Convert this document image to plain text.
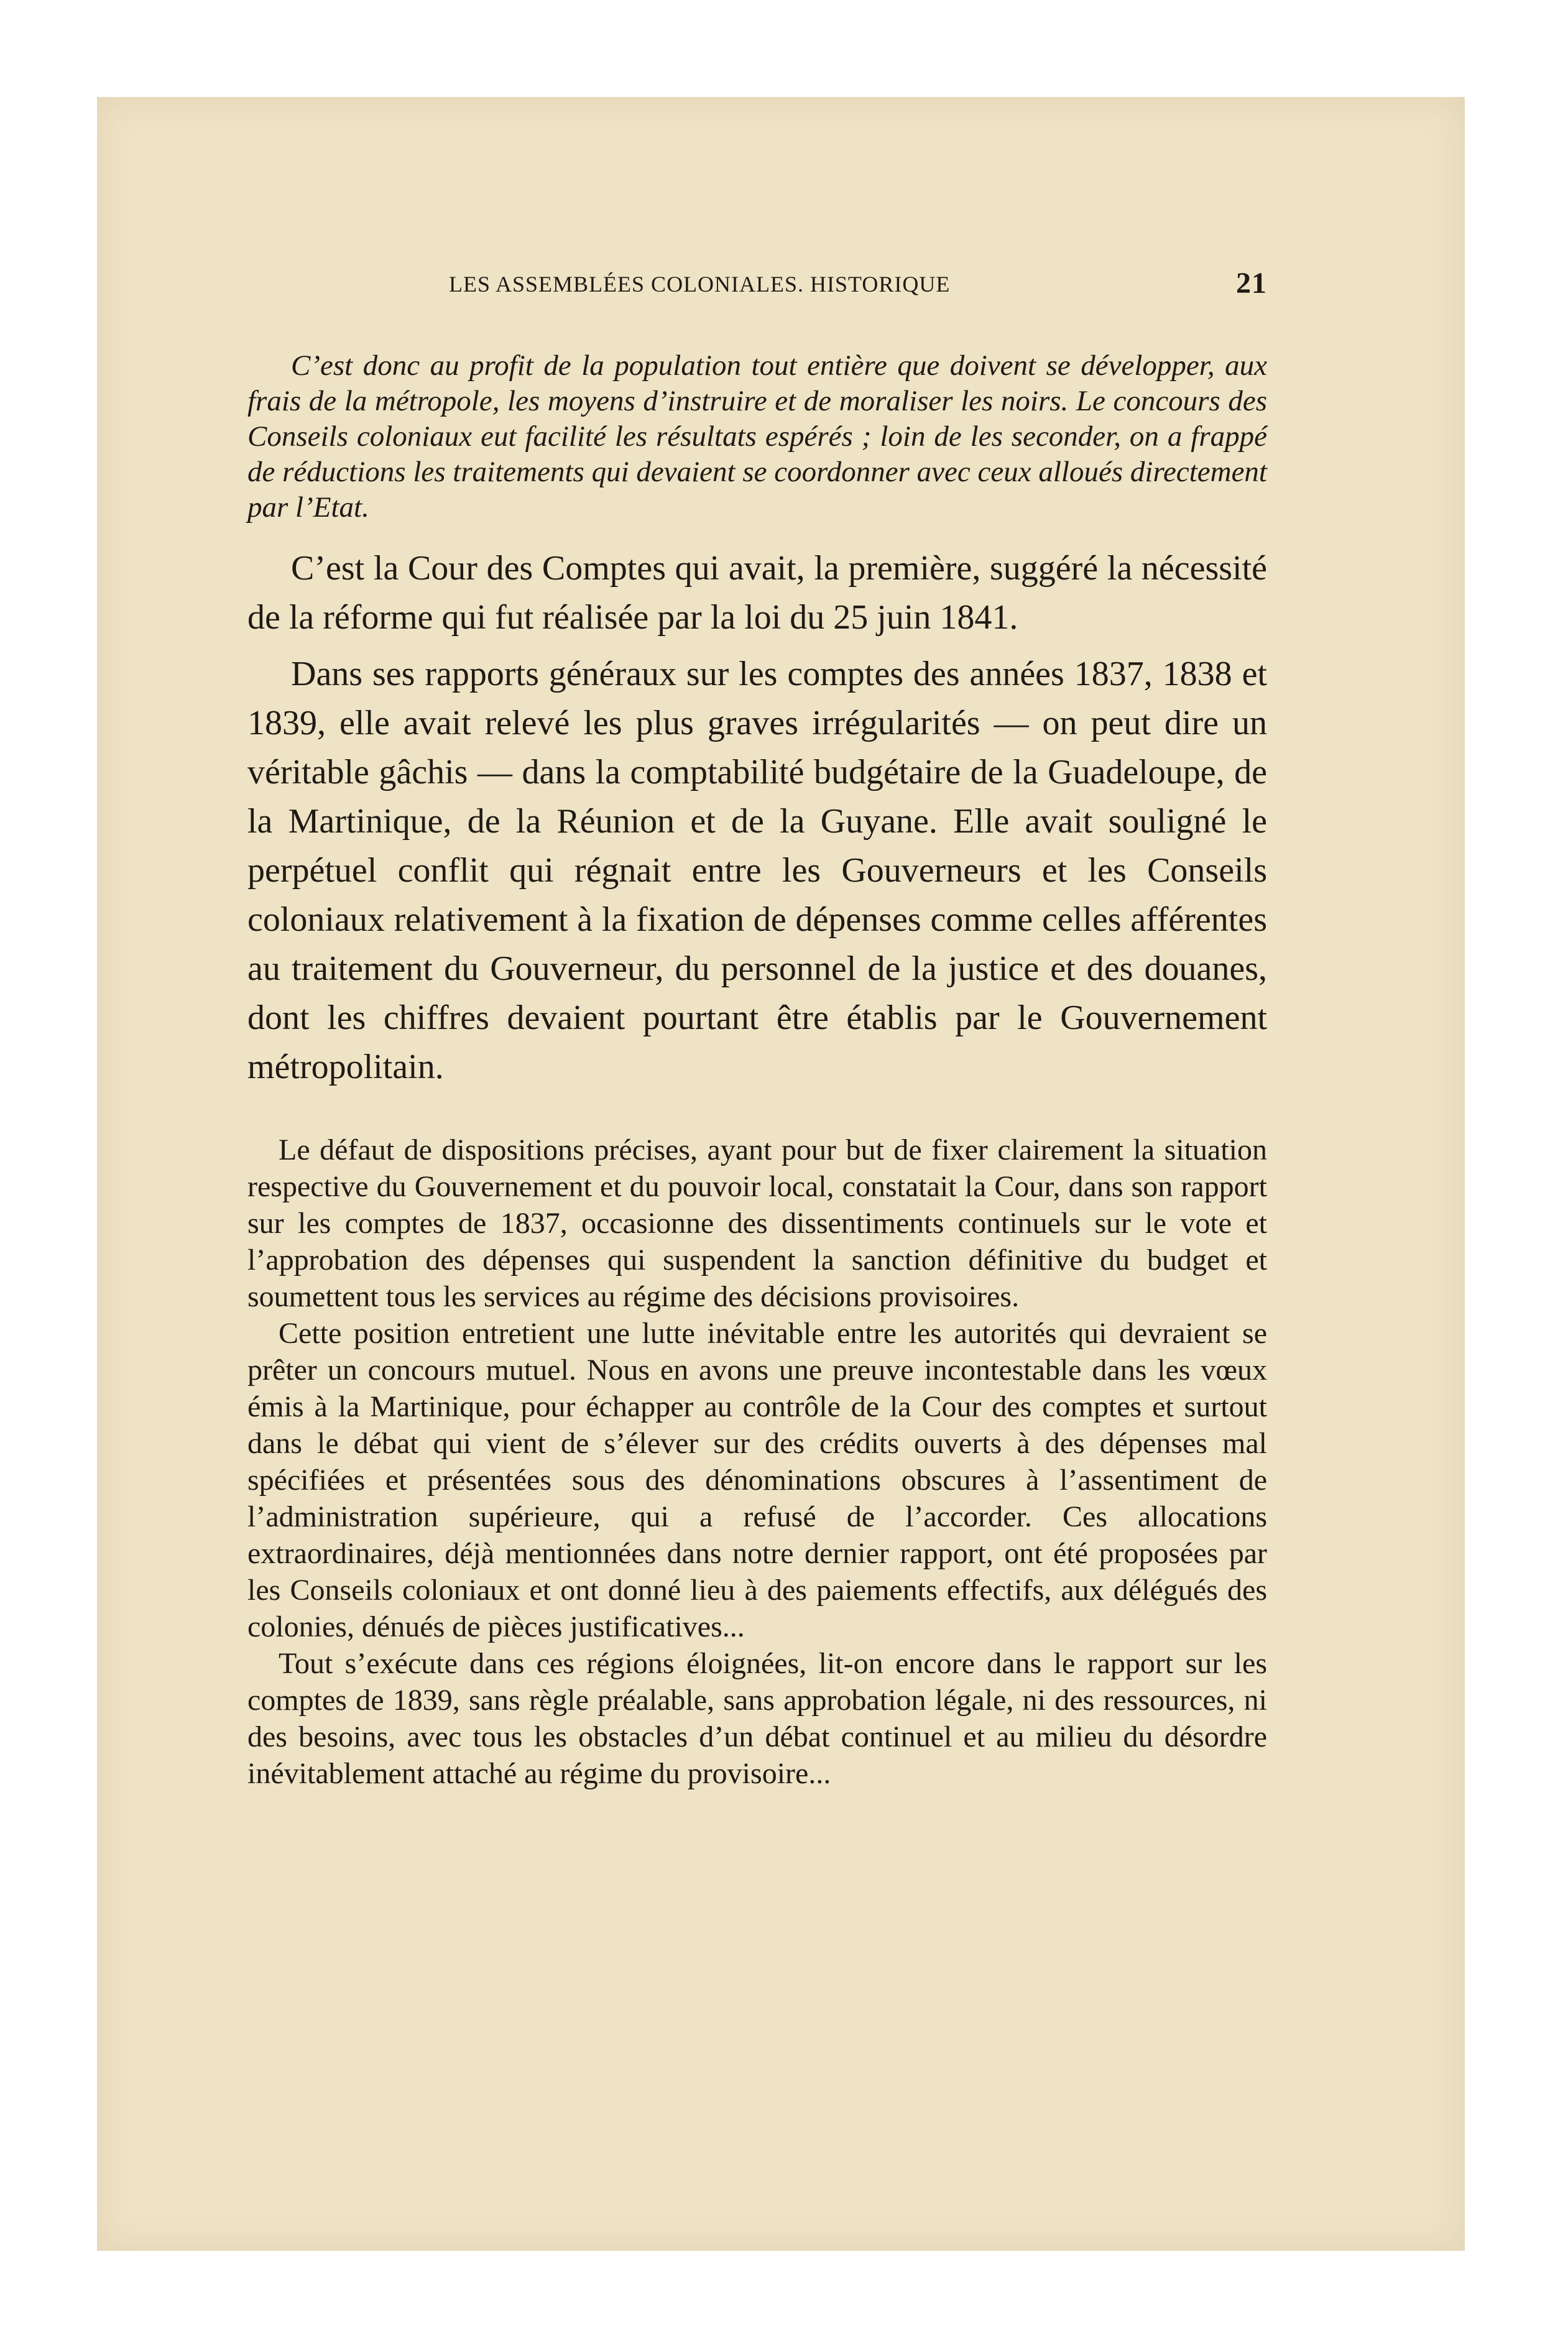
LES ASSEMBLÉES COLONIALES. HISTORIQUE	21

C’est donc au profit de la population tout entière que doivent se développer, aux frais de la métropole, les moyens d’instruire et de moraliser les noirs. Le concours des Conseils coloniaux eut facilité les résultats espérés ; loin de les seconder, on a frappé de réductions les traitements qui devaient se coordonner avec ceux alloués directement par l’Etat.

C’est la Cour des Comptes qui avait, la première, suggéré la nécessité de la réforme qui fut réalisée par la loi du 25 juin 1841.

Dans ses rapports généraux sur les comptes des années 1837, 1838 et 1839, elle avait relevé les plus graves irrégularités — on peut dire un véritable gâchis — dans la comptabilité budgétaire de la Guadeloupe, de la Martinique, de la Réunion et de la Guyane. Elle avait souligné le perpétuel conflit qui régnait entre les Gouverneurs et les Conseils coloniaux relativement à la fixation de dépenses comme celles afférentes au traitement du Gouverneur, du personnel de la justice et des douanes, dont les chiffres devaient pourtant être établis par le Gouvernement métropolitain.

Le défaut de dispositions précises, ayant pour but de fixer clairement la situation respective du Gouvernement et du pouvoir local, constatait la Cour, dans son rapport sur les comptes de 1837, occasionne des dissentiments continuels sur le vote et l’approbation des dépenses qui suspendent la sanction définitive du budget et soumettent tous les services au régime des décisions provisoires.

Cette position entretient une lutte inévitable entre les autorités qui devraient se prêter un concours mutuel. Nous en avons une preuve incontestable dans les vœux émis à la Martinique, pour échapper au contrôle de la Cour des comptes et surtout dans le débat qui vient de s’élever sur des crédits ouverts à des dépenses mal spécifiées et présentées sous des dénominations obscures à l’assentiment de l’administration supérieure, qui a refusé de l’accorder. Ces allocations extraordinaires, déjà mentionnées dans notre dernier rapport, ont été proposées par les Conseils coloniaux et ont donné lieu à des paiements effectifs, aux délégués des colonies, dénués de pièces justificatives...

Tout s’exécute dans ces régions éloignées, lit-on encore dans le rapport sur les comptes de 1839, sans règle préalable, sans approbation légale, ni des ressources, ni des besoins, avec tous les obstacles d’un débat continuel et au milieu du désordre inévitablement attaché au régime du provisoire...
